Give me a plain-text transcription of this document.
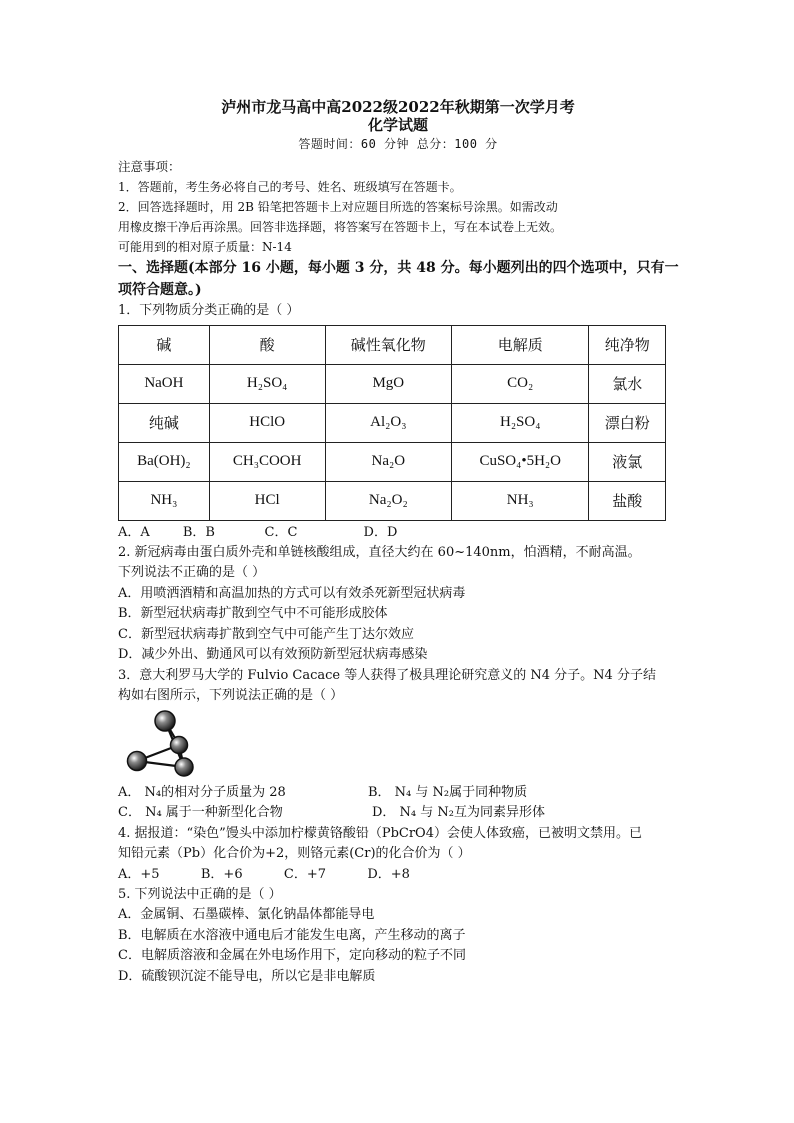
泸州市龙马高中高2022级2022年秋期第一次学月考
化学试题
答题时间：60 分钟 总分：100 分
注意事项：
1．答题前，考生务必将自己的考号、姓名、班级填写在答题卡。
2．回答选择题时，用 2B 铅笔把答题卡上对应题目所选的答案标号涂黑。如需改动
用橡皮擦干净后再涂黑。回答非选择题，将答案写在答题卡上，写在本试卷上无效。
可能用到的相对原子质量：N-14
一、选择题(本部分 16 小题，每小题 3 分，共 48 分。每小题列出的四个选项中，只有一
项符合题意。)
1．下列物质分类正确的是（ ）
碱	酸	碱性氧化物	电解质	纯净物
NaOH	H₂SO₄	MgO	CO₂	氯水
纯碱	HClO	Al₂O₃	H₂SO₄	漂白粉
Ba(OH)₂	CH₃COOH	Na₂O	CuSO₄•5H₂O	液氯
NH₃	HCl	Na₂O₂	NH₃	盐酸
A．A        B．B            C．C                D．D
2. 新冠病毒由蛋白质外壳和单链核酸组成，直径大约在 60~140nm，怕酒精，不耐高温。
下列说法不正确的是（ ）
A．用喷洒酒精和高温加热的方式可以有效杀死新型冠状病毒
B．新型冠状病毒扩散到空气中不可能形成胶体
C．新型冠状病毒扩散到空气中可能产生丁达尔效应
D．减少外出、勤通风可以有效预防新型冠状病毒感染
3．意大利罗马大学的 Fulvio Cacace 等人获得了极具理论研究意义的 N4 分子。N4 分子结
构如右图所示，下列说法正确的是（ ）
A． N₄的相对分子质量为 28	B． N₄ 与 N₂属于同种物质
C． N₄ 属于一种新型化合物	D． N₄ 与 N₂互为同素异形体
4. 据报道：“染色”馒头中添加柠檬黄铬酸铅（PbCrO4）会使人体致癌，已被明文禁用。已
知铅元素（Pb）化合价为+2，则铬元素(Cr)的化合价为（ ）
A．+5          B．+6          C．+7          D．+8
5. 下列说法中正确的是（ ）
A．金属铜、石墨碳棒、氯化钠晶体都能导电
B．电解质在水溶液中通电后才能发生电离，产生移动的离子
C．电解质溶液和金属在外电场作用下，定向移动的粒子不同
D．硫酸钡沉淀不能导电，所以它是非电解质
